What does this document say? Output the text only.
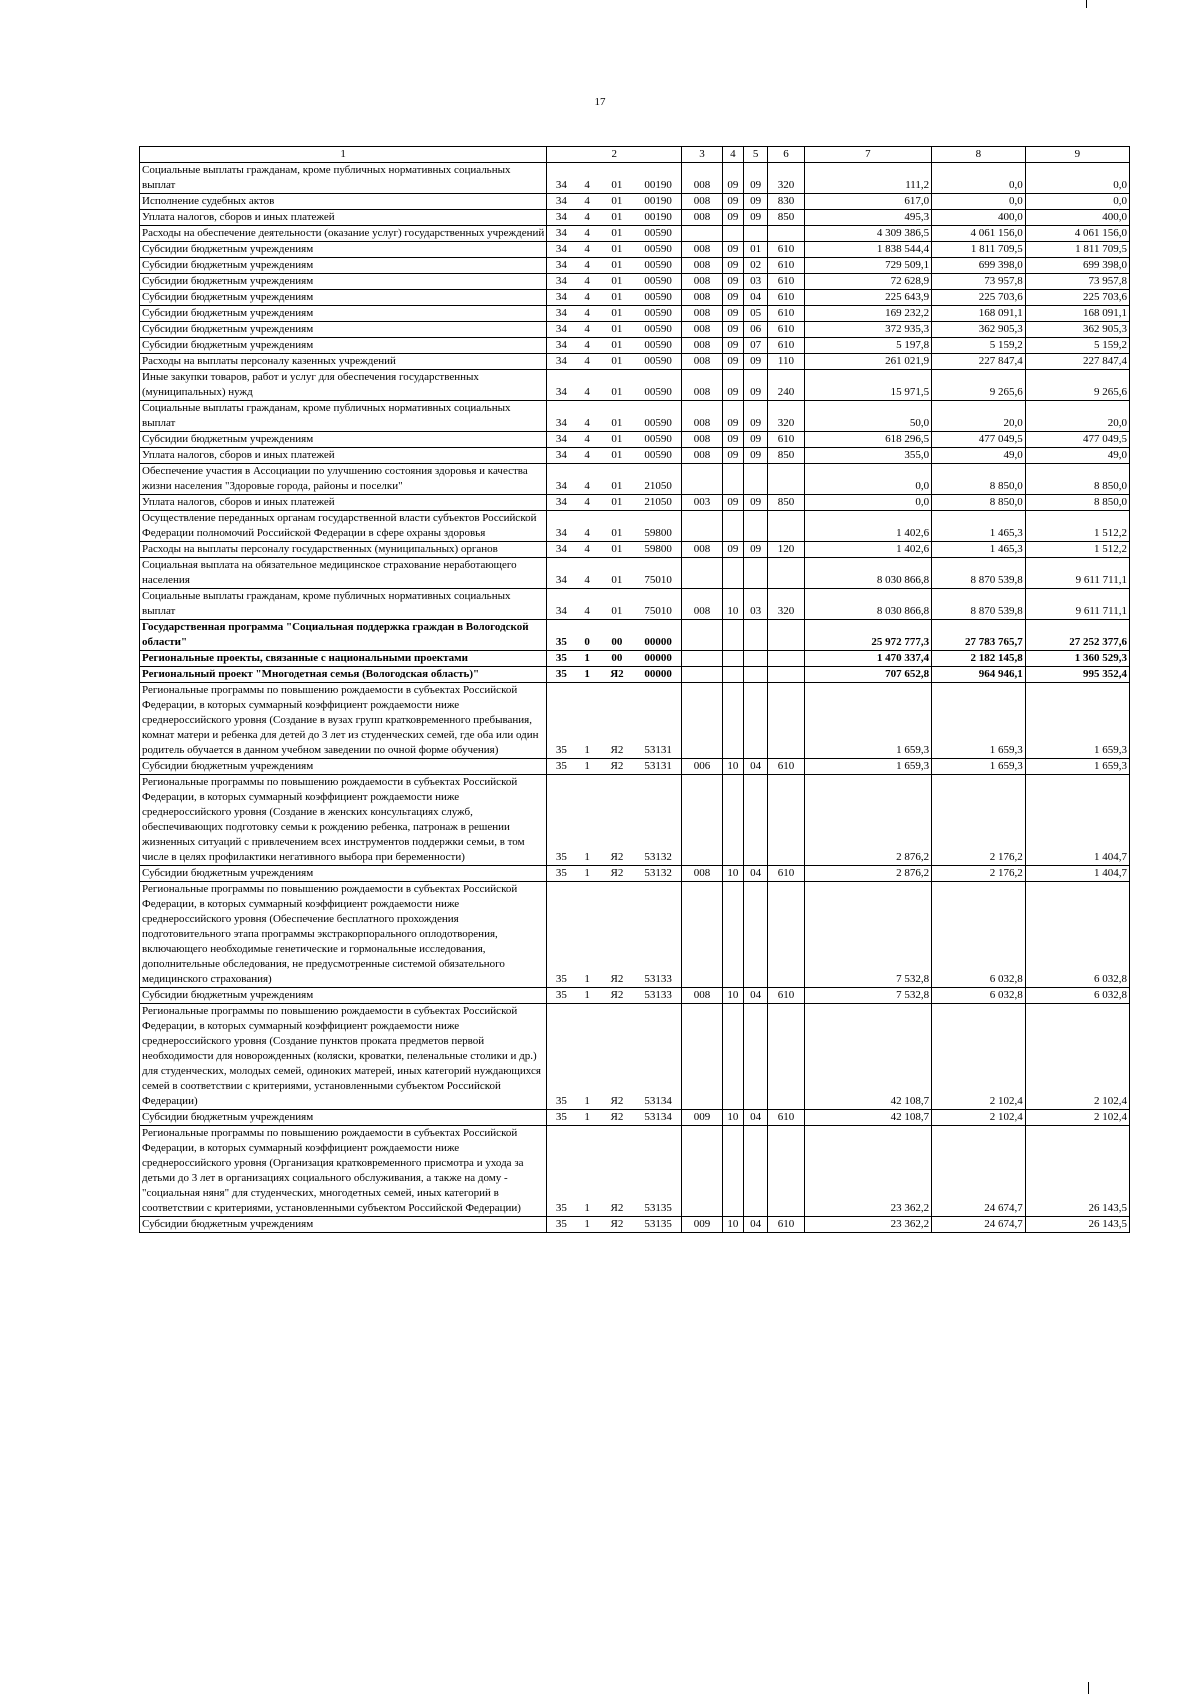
17
1	2				3	4	5	6	7	8	9
Социальные выплаты гражданам, кроме публичных нормативных социальных выплат	34	4	01	00190	008	09	09	320	111,2	0,0	0,0
Исполнение судебных актов	34	4	01	00190	008	09	09	830	617,0	0,0	0,0
Уплата налогов, сборов и иных платежей	34	4	01	00190	008	09	09	850	495,3	400,0	400,0
Расходы на обеспечение деятельности (оказание услуг) государственных учреждений	34	4	01	00590					4 309 386,5	4 061 156,0	4 061 156,0
Субсидии бюджетным учреждениям	34	4	01	00590	008	09	01	610	1 838 544,4	1 811 709,5	1 811 709,5
Субсидии бюджетным учреждениям	34	4	01	00590	008	09	02	610	729 509,1	699 398,0	699 398,0
Субсидии бюджетным учреждениям	34	4	01	00590	008	09	03	610	72 628,9	73 957,8	73 957,8
Субсидии бюджетным учреждениям	34	4	01	00590	008	09	04	610	225 643,9	225 703,6	225 703,6
Субсидии бюджетным учреждениям	34	4	01	00590	008	09	05	610	169 232,2	168 091,1	168 091,1
Субсидии бюджетным учреждениям	34	4	01	00590	008	09	06	610	372 935,3	362 905,3	362 905,3
Субсидии бюджетным учреждениям	34	4	01	00590	008	09	07	610	5 197,8	5 159,2	5 159,2
Расходы на выплаты персоналу казенных учреждений	34	4	01	00590	008	09	09	110	261 021,9	227 847,4	227 847,4
Иные закупки товаров, работ и услуг для обеспечения государственных (муниципальных) нужд	34	4	01	00590	008	09	09	240	15 971,5	9 265,6	9 265,6
Социальные выплаты гражданам, кроме публичных нормативных социальных выплат	34	4	01	00590	008	09	09	320	50,0	20,0	20,0
Субсидии бюджетным учреждениям	34	4	01	00590	008	09	09	610	618 296,5	477 049,5	477 049,5
Уплата налогов, сборов и иных платежей	34	4	01	00590	008	09	09	850	355,0	49,0	49,0
Обеспечение участия в Ассоциации по улучшению состояния здоровья и качества жизни населения "Здоровые города, районы и поселки"	34	4	01	21050					0,0	8 850,0	8 850,0
Уплата налогов, сборов и иных платежей	34	4	01	21050	003	09	09	850	0,0	8 850,0	8 850,0
Осуществление переданных органам государственной власти субъектов Российской Федерации полномочий Российской Федерации в сфере охраны здоровья	34	4	01	59800					1 402,6	1 465,3	1 512,2
Расходы на выплаты персоналу государственных (муниципальных) органов	34	4	01	59800	008	09	09	120	1 402,6	1 465,3	1 512,2
Социальная выплата на обязательное медицинское страхование неработающего населения	34	4	01	75010					8 030 866,8	8 870 539,8	9 611 711,1
Социальные выплаты гражданам, кроме публичных нормативных социальных выплат	34	4	01	75010	008	10	03	320	8 030 866,8	8 870 539,8	9 611 711,1
Государственная программа "Социальная поддержка граждан в Вологодской области"	35	0	00	00000					25 972 777,3	27 783 765,7	27 252 377,6
Региональные проекты, связанные с национальными проектами	35	1	00	00000					1 470 337,4	2 182 145,8	1 360 529,3
Региональный проект "Многодетная семья (Вологодская область)"	35	1	Я2	00000					707 652,8	964 946,1	995 352,4
Региональные программы по повышению рождаемости в субъектах Российской Федерации, в которых суммарный коэффициент рождаемости ниже среднероссийского уровня (Создание в вузах групп кратковременного пребывания, комнат матери и ребенка для детей до 3 лет из студенческих семей, где оба или один родитель обучается в данном учебном заведении по очной форме обучения)	35	1	Я2	53131					1 659,3	1 659,3	1 659,3
Субсидии бюджетным учреждениям	35	1	Я2	53131	006	10	04	610	1 659,3	1 659,3	1 659,3
Региональные программы по повышению рождаемости в субъектах Российской Федерации, в которых суммарный коэффициент рождаемости ниже среднероссийского уровня (Создание в женских консультациях служб, обеспечивающих подготовку семьи к рождению ребенка, патронаж в решении жизненных ситуаций с привлечением всех инструментов поддержки семьи, в том числе в целях профилактики негативного выбора при беременности)	35	1	Я2	53132					2 876,2	2 176,2	1 404,7
Субсидии бюджетным учреждениям	35	1	Я2	53132	008	10	04	610	2 876,2	2 176,2	1 404,7
Региональные программы по повышению рождаемости в субъектах Российской Федерации, в которых суммарный коэффициент рождаемости ниже среднероссийского уровня (Обеспечение бесплатного прохождения подготовительного этапа программы экстракорпорального оплодотворения, включающего необходимые генетические и гормональные исследования, дополнительные обследования, не предусмотренные системой обязательного медицинского страхования)	35	1	Я2	53133					7 532,8	6 032,8	6 032,8
Субсидии бюджетным учреждениям	35	1	Я2	53133	008	10	04	610	7 532,8	6 032,8	6 032,8
Региональные программы по повышению рождаемости в субъектах Российской Федерации, в которых суммарный коэффициент рождаемости ниже среднероссийского уровня (Создание пунктов проката предметов первой необходимости для новорожденных (коляски, кроватки, пеленальные столики и др.) для студенческих, молодых семей, одиноких матерей, иных категорий нуждающихся семей в соответствии с критериями, установленными субъектом Российской Федерации)	35	1	Я2	53134					42 108,7	2 102,4	2 102,4
Субсидии бюджетным учреждениям	35	1	Я2	53134	009	10	04	610	42 108,7	2 102,4	2 102,4
Региональные программы по повышению рождаемости в субъектах Российской Федерации, в которых суммарный коэффициент рождаемости ниже среднероссийского уровня (Организация кратковременного присмотра и ухода за детьми до 3 лет в организациях социального обслуживания, а также на дому - "социальная няня" для студенческих, многодетных семей, иных категорий в соответствии с критериями, установленными субъектом Российской Федерации)	35	1	Я2	53135					23 362,2	24 674,7	26 143,5
Субсидии бюджетным учреждениям	35	1	Я2	53135	009	10	04	610	23 362,2	24 674,7	26 143,5
